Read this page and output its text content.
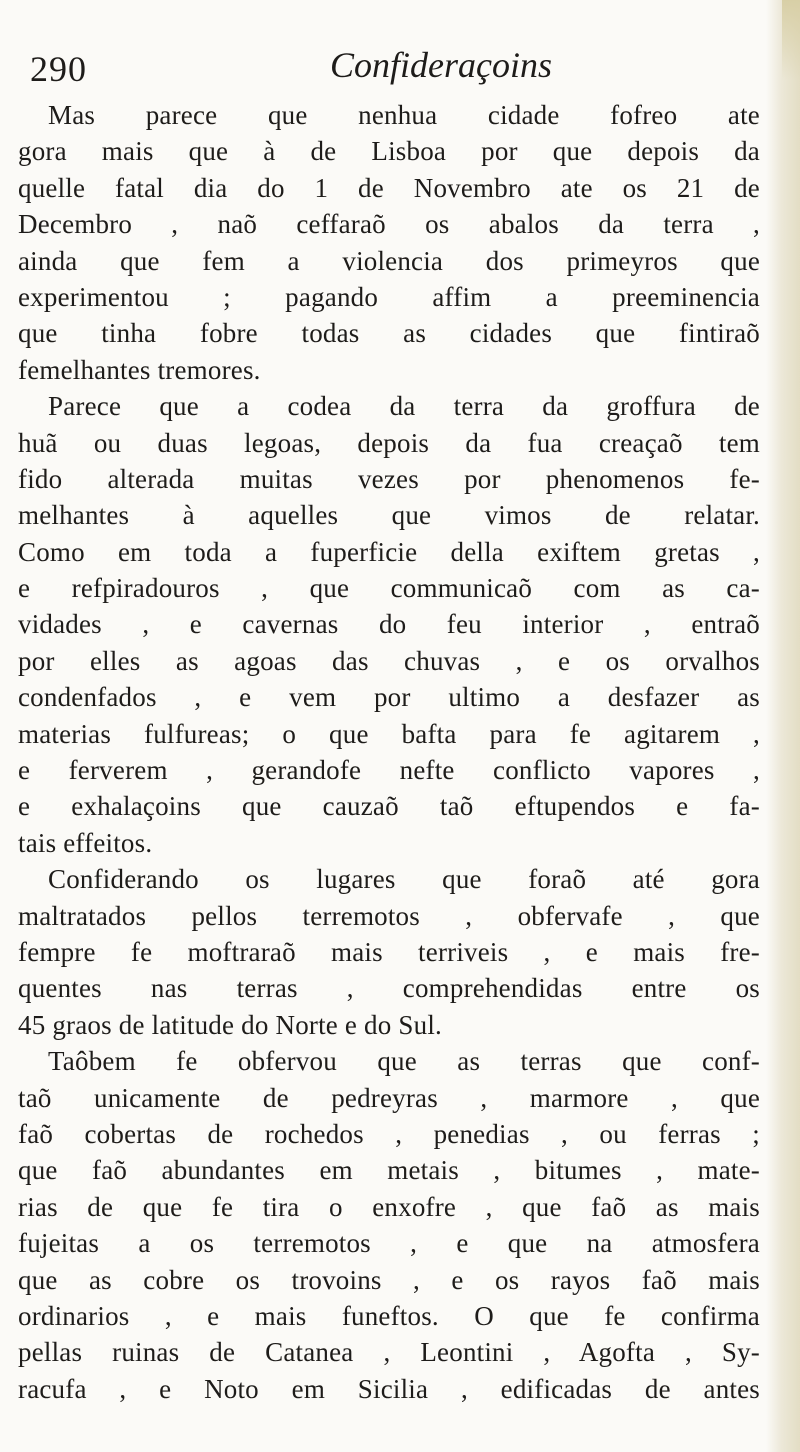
290	Confideraçoins
Mas parece que nenhua cidade fofreo ate
gora mais que à de Lisboa por que depois da
quelle fatal dia do 1 de Novembro ate os 21 de
Decembro , naõ ceffaraõ os abalos da terra ,
ainda que fem a violencia dos primeyros que
experimentou ; pagando affim a preeminencia
que tinha fobre todas as cidades que fintiraõ
femelhantes tremores.
Parece que a codea da terra da groffura de
huã ou duas legoas, depois da fua creaçaõ tem
fido alterada muitas vezes por phenomenos fe-
melhantes à aquelles que vimos de relatar.
Como em toda a fuperficie della exiftem gretas ,
e refpiradouros , que communicaõ com as ca-
vidades , e cavernas do feu interior , entraõ
por elles as agoas das chuvas , e os orvalhos
condenfados , e vem por ultimo a desfazer as
materias fulfureas; o que bafta para fe agitarem ,
e ferverem , gerandofe nefte conflicto vapores ,
e exhalaçoins que cauzaõ taõ eftupendos e fa-
tais effeitos.
Confiderando os lugares que foraõ até gora
maltratados pellos terremotos , obfervafe , que
fempre fe moftraraõ mais terriveis , e mais fre-
quentes nas terras , comprehendidas entre os
45 graos de latitude do Norte e do Sul.
Taôbem fe obfervou que as terras que conf-
taõ unicamente de pedreyras , marmore , que
faõ cobertas de rochedos , penedias , ou ferras ;
que faõ abundantes em metais , bitumes , mate-
rias de que fe tira o enxofre , que faõ as mais
fujeitas a os terremotos , e que na atmosfera
que as cobre os trovoins , e os rayos faõ mais
ordinarios , e mais funeftos. O que fe confirma
pellas ruinas de Catanea , Leontini , Agofta , Sy-
racufa , e Noto em Sicilia , edificadas de antes
